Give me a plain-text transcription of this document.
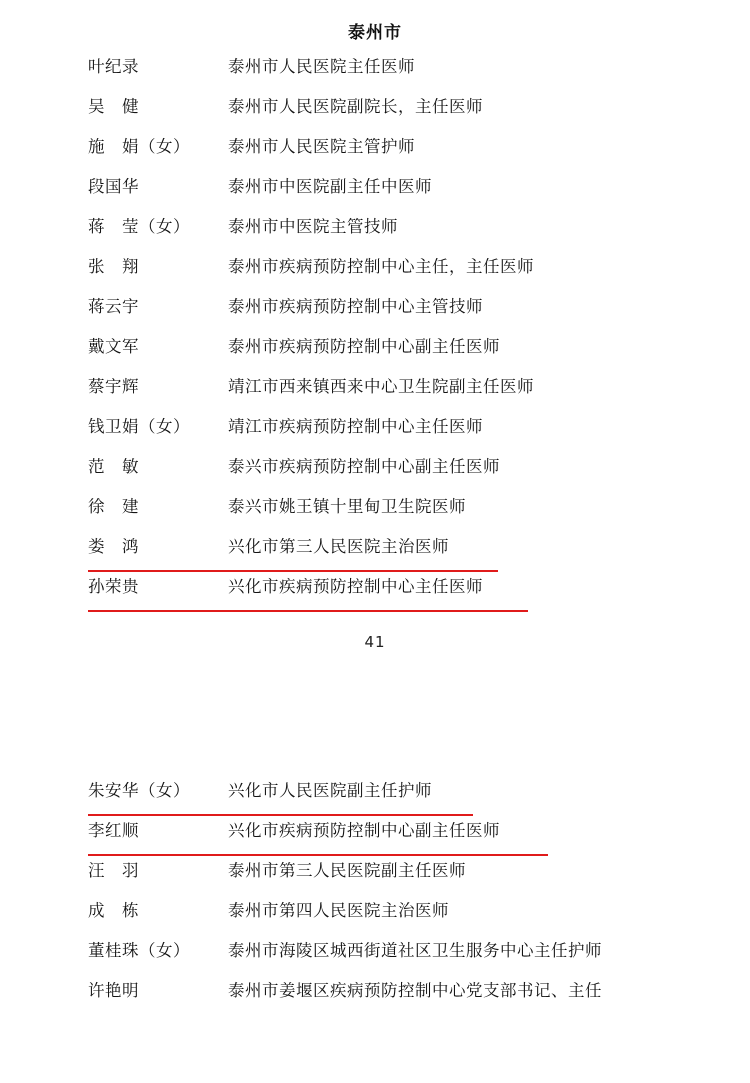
泰州市
叶纪录	泰州市人民医院主任医师
吴 健	泰州市人民医院副院长，主任医师
施 娟（女）	泰州市人民医院主管护师
段国华	泰州市中医院副主任中医师
蒋 莹（女）	泰州市中医院主管技师
张 翔	泰州市疾病预防控制中心主任，主任医师
蒋云宇	泰州市疾病预防控制中心主管技师
戴文军	泰州市疾病预防控制中心副主任医师
蔡宇辉	靖江市西来镇西来中心卫生院副主任医师
钱卫娟（女）	靖江市疾病预防控制中心主任医师
范 敏	泰兴市疾病预防控制中心副主任医师
徐 建	泰兴市姚王镇十里甸卫生院医师
娄 鸿	兴化市第三人民医院主治医师
孙荣贵	兴化市疾病预防控制中心主任医师
41
朱安华（女）	兴化市人民医院副主任护师
李红顺	兴化市疾病预防控制中心副主任医师
汪 羽	泰州市第三人民医院副主任医师
成 栋	泰州市第四人民医院主治医师
董桂珠（女）	泰州市海陵区城西街道社区卫生服务中心主任护师
许艳明	泰州市姜堰区疾病预防控制中心党支部书记、主任
